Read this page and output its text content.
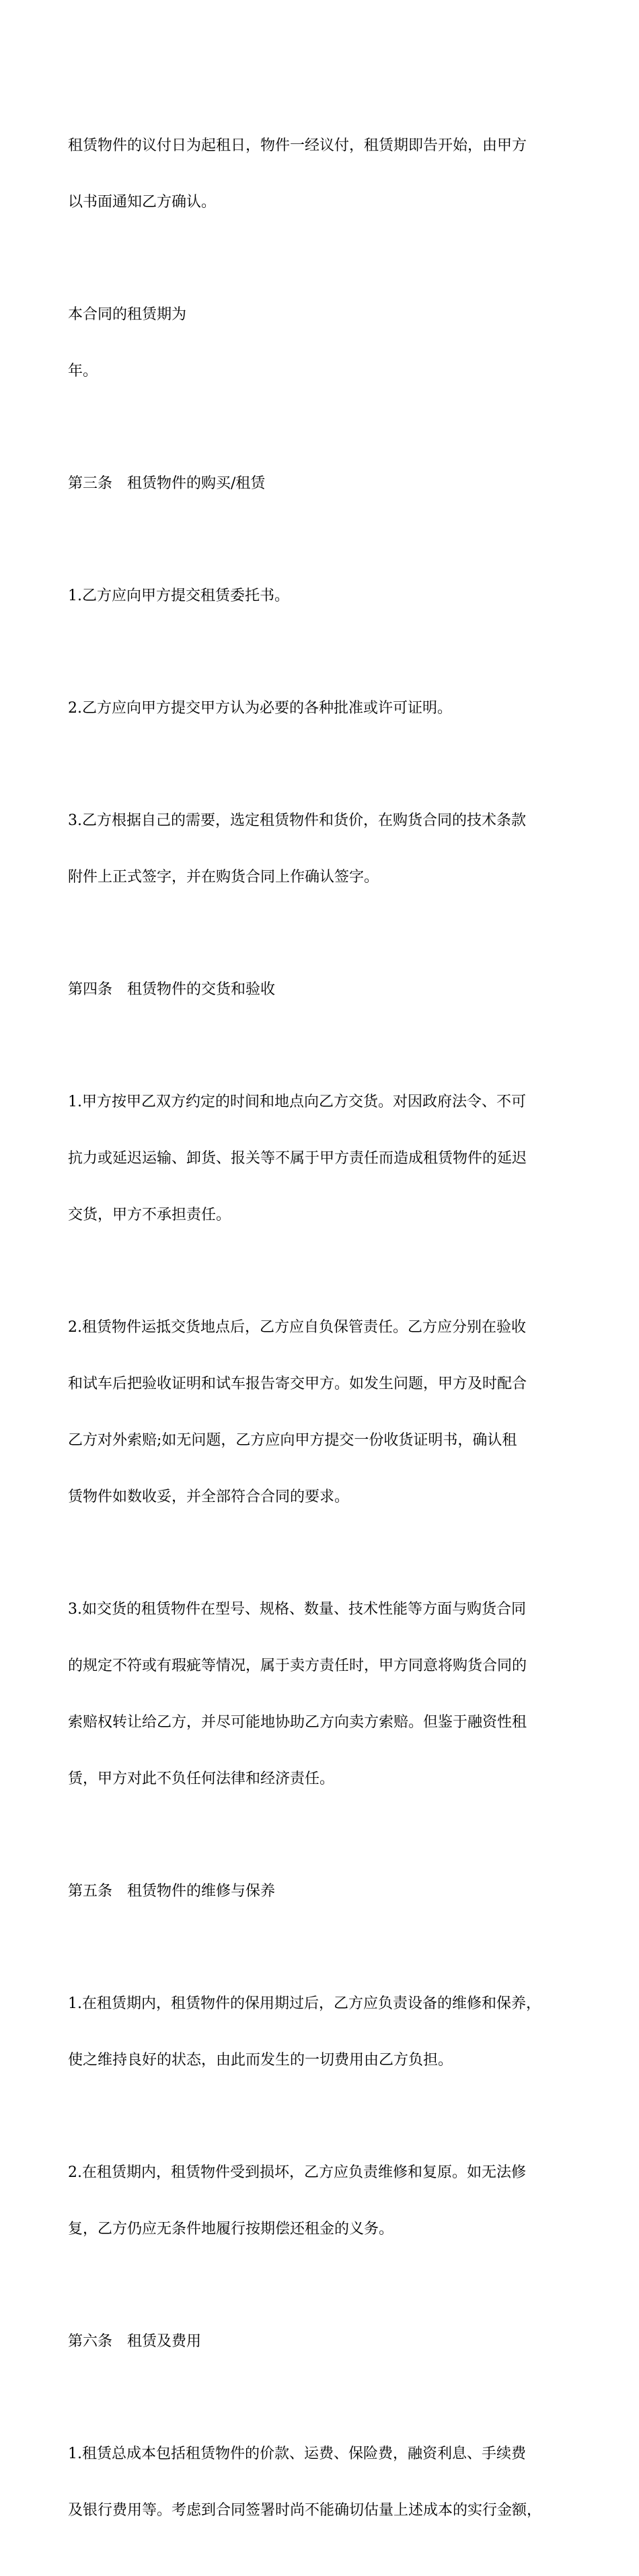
租赁物件的议付日为起租日，物件一经议付，租赁期即告开始，由甲方

以书面通知乙方确认。

本合同的租赁期为

年。

第三条　租赁物件的购买/租赁

1.乙方应向甲方提交租赁委托书。

2.乙方应向甲方提交甲方认为必要的各种批准或许可证明。

3.乙方根据自己的需要，选定租赁物件和货价，在购货合同的技术条款

附件上正式签字，并在购货合同上作确认签字。

第四条　租赁物件的交货和验收

1.甲方按甲乙双方约定的时间和地点向乙方交货。对因政府法令、不可

抗力或延迟运输、卸货、报关等不属于甲方责任而造成租赁物件的延迟

交货，甲方不承担责任。

2.租赁物件运抵交货地点后，乙方应自负保管责任。乙方应分别在验收

和试车后把验收证明和试车报告寄交甲方。如发生问题，甲方及时配合

乙方对外索赔;如无问题，乙方应向甲方提交一份收货证明书，确认租

赁物件如数收妥，并全部符合合同的要求。

3.如交货的租赁物件在型号、规格、数量、技术性能等方面与购货合同

的规定不符或有瑕疵等情况，属于卖方责任时，甲方同意将购货合同的

索赔权转让给乙方，并尽可能地协助乙方向卖方索赔。但鉴于融资性租

赁，甲方对此不负任何法律和经济责任。

第五条　租赁物件的维修与保养

1.在租赁期内，租赁物件的保用期过后，乙方应负责设备的维修和保养，

使之维持良好的状态，由此而发生的一切费用由乙方负担。

2.在租赁期内，租赁物件受到损坏，乙方应负责维修和复原。如无法修

复，乙方仍应无条件地履行按期偿还租金的义务。

第六条　租赁及费用

1.租赁总成本包括租赁物件的价款、运费、保险费，融资利息、手续费

及银行费用等。考虑到合同签署时尚不能确切估量上述成本的实行金额，
